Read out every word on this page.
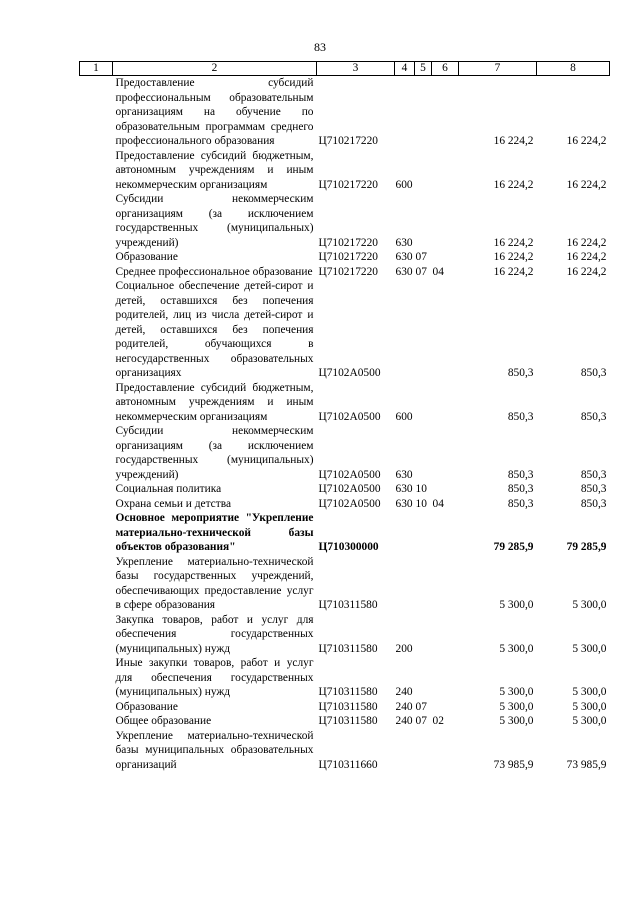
83
1	2	3	4	5	6	7	8
	Предоставление субсидий профессиональным образовательным организациям на обучение по образовательным программам среднего профессионального образования	Ц710217220				16 224,2	16 224,2
	Предоставление субсидий бюджетным, автономным учреждениям и иным некоммерческим организациям	Ц710217220	600			16 224,2	16 224,2
	Субсидии некоммерческим организациям (за исключением государственных (муниципальных) учреждений)	Ц710217220	630			16 224,2	16 224,2
	Образование	Ц710217220	630	07		16 224,2	16 224,2
	Среднее профессиональное образование	Ц710217220	630	07	04	16 224,2	16 224,2
	Социальное обеспечение детей-сирот и детей, оставшихся без попечения родителей, лиц из числа детей-сирот и детей, оставшихся без попечения родителей, обучающихся в негосударственных образовательных организациях	Ц7102А0500				850,3	850,3
	Предоставление субсидий бюджетным, автономным учреждениям и иным некоммерческим организациям	Ц7102А0500	600			850,3	850,3
	Субсидии некоммерческим организациям (за исключением государственных (муниципальных) учреждений)	Ц7102А0500	630			850,3	850,3
	Социальная политика	Ц7102А0500	630	10		850,3	850,3
	Охрана семьи и детства	Ц7102А0500	630	10	04	850,3	850,3
	Основное мероприятие "Укрепление материально-технической базы объектов образования"	Ц710300000				79 285,9	79 285,9
	Укрепление материально-технической базы государственных учреждений, обеспечивающих предоставление услуг в сфере образования	Ц710311580				5 300,0	5 300,0
	Закупка товаров, работ и услуг для обеспечения государственных (муниципальных) нужд	Ц710311580	200			5 300,0	5 300,0
	Иные закупки товаров, работ и услуг для обеспечения государственных (муниципальных) нужд	Ц710311580	240			5 300,0	5 300,0
	Образование	Ц710311580	240	07		5 300,0	5 300,0
	Общее образование	Ц710311580	240	07	02	5 300,0	5 300,0
	Укрепление материально-технической базы муниципальных образовательных организаций	Ц710311660				73 985,9	73 985,9
